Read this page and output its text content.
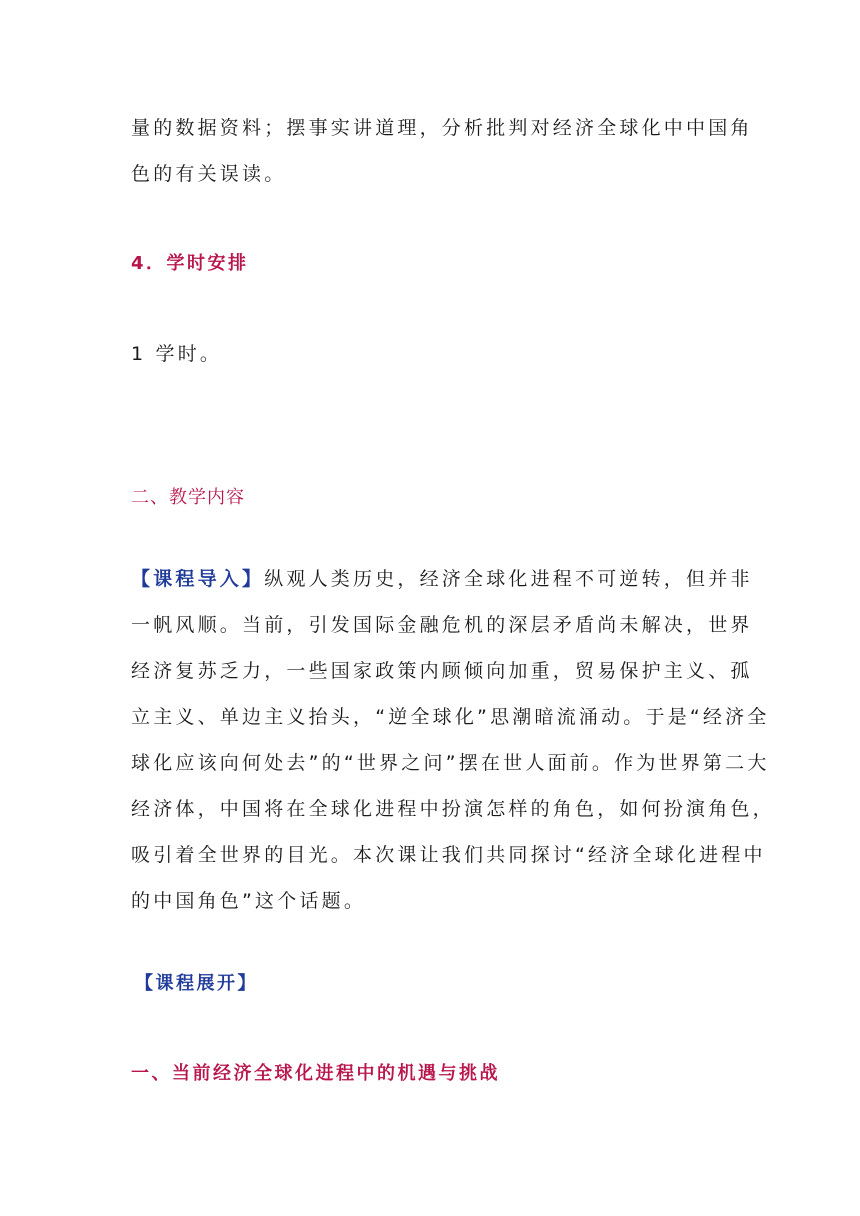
量的数据资料；摆事实讲道理，分析批判对经济全球化中中国角
色的有关误读。
4．学时安排
1 学时。
二、教学内容
【课程导入】纵观人类历史，经济全球化进程不可逆转，但并非
一帆风顺。当前，引发国际金融危机的深层矛盾尚未解决，世界
经济复苏乏力，一些国家政策内顾倾向加重，贸易保护主义、孤
立主义、单边主义抬头，“逆全球化”思潮暗流涌动。于是“经济全
球化应该向何处去”的“世界之问”摆在世人面前。作为世界第二大
经济体，中国将在全球化进程中扮演怎样的角色，如何扮演角色，
吸引着全世界的目光。本次课让我们共同探讨“经济全球化进程中
的中国角色”这个话题。
【课程展开】
一、当前经济全球化进程中的机遇与挑战
